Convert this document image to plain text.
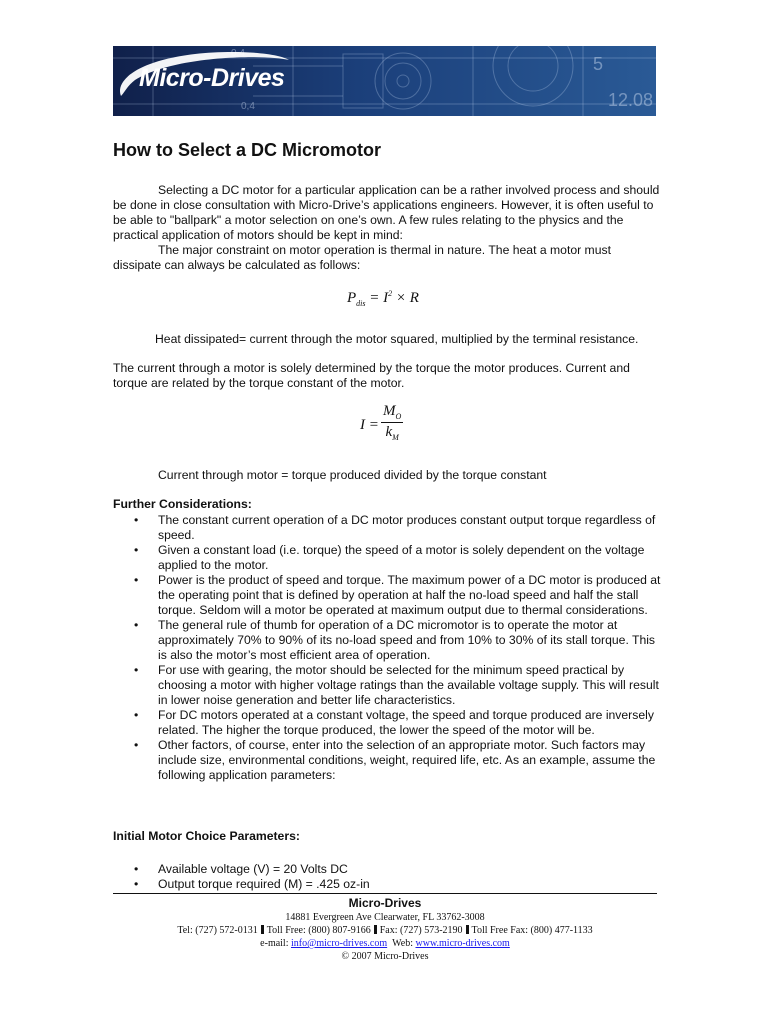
0,4
5
12.08
Micro-Drives
How to Select a DC Micromotor

Selecting a DC motor for a particular application can be a rather involved process and should be done in close consultation with Micro-Drive’s applications engineers. However, it is often useful to be able to "ballpark" a motor selection on one’s own. A few rules relating to the physics and the practical application of motors should be kept in mind:

The major constraint on motor operation is thermal in nature. The heat a motor must dissipate can always be calculated as follows:

$P_{dis} = I^2 \times R$

Heat dissipated= current through the motor squared, multiplied by the terminal resistance.

The current through a motor is solely determined by the torque the motor produces. Current and torque are related by the torque constant of the motor.

$I = \frac{M_O}{k_M}$

Current through motor = torque produced divided by the torque constant

Further Considerations:

• The constant current operation of a DC motor produces constant output torque regardless of speed.
• Given a constant load (i.e. torque) the speed of a motor is solely dependent on the voltage applied to the motor.
• Power is the product of speed and torque. The maximum power of a DC motor is produced at the operating point that is defined by operation at half the no-load speed and half the stall torque. Seldom will a motor be operated at maximum output due to thermal considerations.
• The general rule of thumb for operation of a DC micromotor is to operate the motor at approximately 70% to 90% of its no-load speed and from 10% to 30% of its stall torque. This is also the motor’s most efficient area of operation.
• For use with gearing, the motor should be selected for the minimum speed practical by choosing a motor with higher voltage ratings than the available voltage supply. This will result in lower noise generation and better life characteristics.
• For DC motors operated at a constant voltage, the speed and torque produced are inversely related. The higher the torque produced, the lower the speed of the motor will be.
• Other factors, of course, enter into the selection of an appropriate motor. Such factors may include size, environmental conditions, weight, required life, etc. As an example, assume the following application parameters:

Initial Motor Choice Parameters:

• Available voltage (V) = 20 Volts DC
• Output torque required (M) = .425 oz-in
Micro-Drives
14881 Evergreen Ave Clearwater, FL 33762-3008
Tel: (727) 572-0131 Toll Free: (800) 807-9166 Fax: (727) 573-2190 Toll Free Fax: (800) 477-1133
e-mail: info@micro-drives.com Web: www.micro-drives.com
© 2007 Micro-Drives
